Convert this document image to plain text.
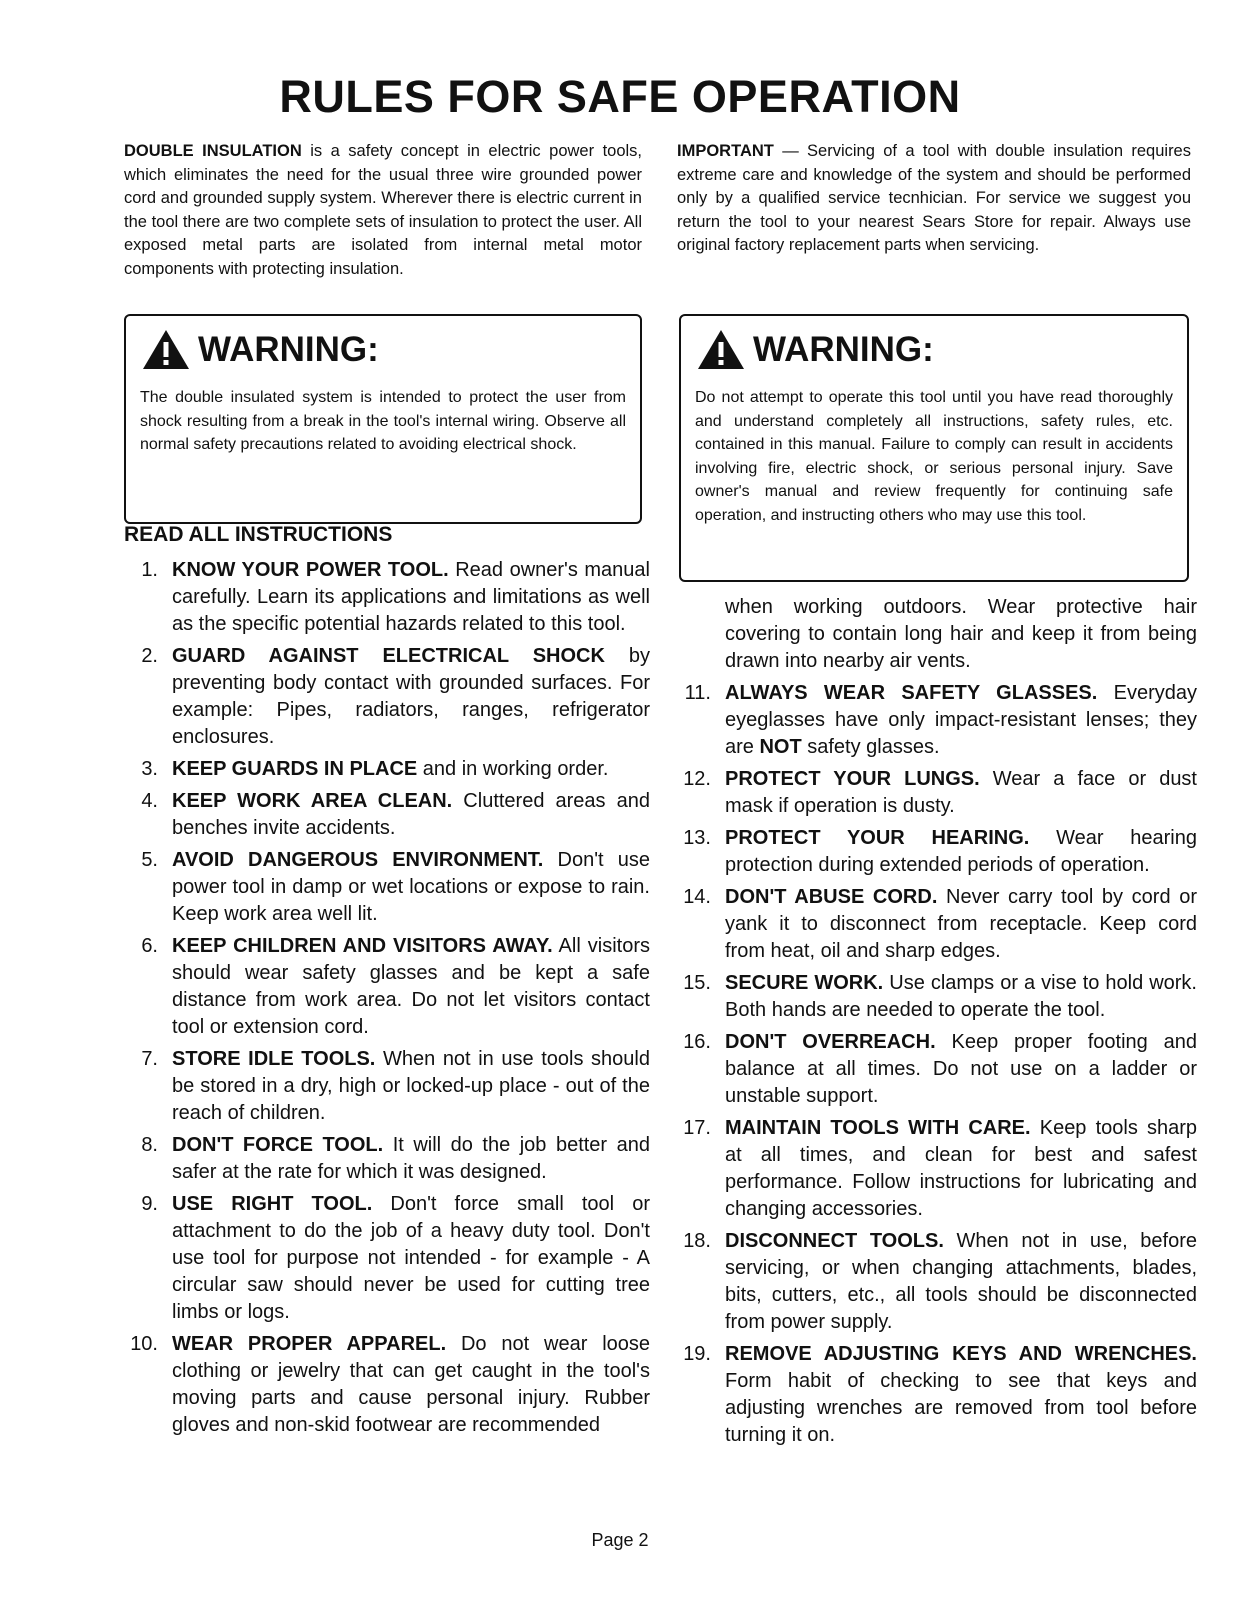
RULES FOR SAFE OPERATION

DOUBLE INSULATION is a safety concept in electric power tools, which eliminates the need for the usual three wire grounded power cord and grounded supply system. Wherever there is electric current in the tool there are two complete sets of insulation to protect the user. All exposed metal parts are isolated from internal metal motor components with protecting insulation.

IMPORTANT — Servicing of a tool with double insulation requires extreme care and knowledge of the system and should be performed only by a qualified service tecnhician. For service we suggest you return the tool to your nearest Sears Store for repair. Always use original factory replacement parts when servicing.

WARNING:

The double insulated system is intended to protect the user from shock resulting from a break in the tool's internal wiring. Observe all normal safety precautions related to avoiding electrical shock.

WARNING:

Do not attempt to operate this tool until you have read thoroughly and understand completely all instructions, safety rules, etc. contained in this manual. Failure to comply can result in accidents involving fire, electric shock, or serious personal injury. Save owner's manual and review frequently for continuing safe operation, and instructing others who may use this tool.

READ ALL INSTRUCTIONS
1. KNOW YOUR POWER TOOL. Read owner's manual carefully. Learn its applications and limitations as well as the specific potential hazards related to this tool.
2. GUARD AGAINST ELECTRICAL SHOCK by preventing body contact with grounded surfaces. For example: Pipes, radiators, ranges, refrigerator enclosures.
3. KEEP GUARDS IN PLACE and in working order.
4. KEEP WORK AREA CLEAN. Cluttered areas and benches invite accidents.
5. AVOID DANGEROUS ENVIRONMENT. Don't use power tool in damp or wet locations or expose to rain. Keep work area well lit.
6. KEEP CHILDREN AND VISITORS AWAY. All visitors should wear safety glasses and be kept a safe distance from work area. Do not let visitors contact tool or extension cord.
7. STORE IDLE TOOLS. When not in use tools should be stored in a dry, high or locked-up place - out of the reach of children.
8. DON'T FORCE TOOL. It will do the job better and safer at the rate for which it was designed.
9. USE RIGHT TOOL. Don't force small tool or attachment to do the job of a heavy duty tool. Don't use tool for purpose not intended - for example - A circular saw should never be used for cutting tree limbs or logs.
10. WEAR PROPER APPAREL. Do not wear loose clothing or jewelry that can get caught in the tool's moving parts and cause personal injury. Rubber gloves and non-skid footwear are recommended

when working outdoors. Wear protective hair covering to contain long hair and keep it from being drawn into nearby air vents.

11. ALWAYS WEAR SAFETY GLASSES. Everyday eyeglasses have only impact-resistant lenses; they are NOT safety glasses.
12. PROTECT YOUR LUNGS. Wear a face or dust mask if operation is dusty.
13. PROTECT YOUR HEARING. Wear hearing protection during extended periods of operation.
14. DON'T ABUSE CORD. Never carry tool by cord or yank it to disconnect from receptacle. Keep cord from heat, oil and sharp edges.
15. SECURE WORK. Use clamps or a vise to hold work. Both hands are needed to operate the tool.
16. DON'T OVERREACH. Keep proper footing and balance at all times. Do not use on a ladder or unstable support.
17. MAINTAIN TOOLS WITH CARE. Keep tools sharp at all times, and clean for best and safest performance. Follow instructions for lubricating and changing accessories.
18. DISCONNECT TOOLS. When not in use, before servicing, or when changing attachments, blades, bits, cutters, etc., all tools should be disconnected from power supply.
19. REMOVE ADJUSTING KEYS AND WRENCHES. Form habit of checking to see that keys and adjusting wrenches are removed from tool before turning it on.
Page 2
